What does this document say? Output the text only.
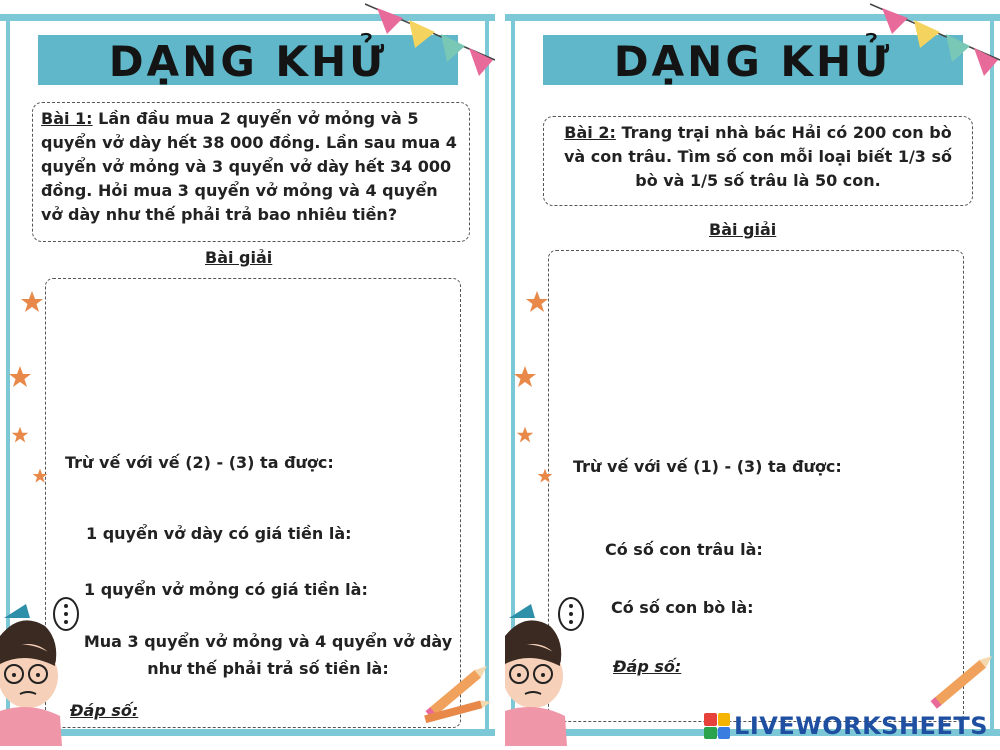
DẠNG KHỬ
Bài 1: Lần đầu mua 2 quyển vở mỏng và 5 quyển vở dày hết 38 000 đồng. Lần sau mua 4 quyển vở mỏng và 3 quyển vở dày hết 34 000 đồng. Hỏi mua 3 quyển vở mỏng và 4 quyển vở dày như thế phải trả bao nhiêu tiền?
Bài giải
Trừ vế với vế (2) - (3) ta được:
1 quyển vở dày có giá tiền là:
1 quyển vở mỏng có giá tiền là:
Mua 3 quyển vở mỏng và 4 quyển vở dày như thế phải trả số tiền là:
Đáp số:
DẠNG KHỬ
Bài 2: Trang trại nhà bác Hải có 200 con bò và con trâu. Tìm số con mỗi loại biết 1/3 số bò và 1/5 số trâu là 50 con.
Bài giải
Trừ vế với vế (1) - (3) ta được:
Có số con trâu là:
Có số con bò là:
Đáp số:
LIVEWORKSHEETS
